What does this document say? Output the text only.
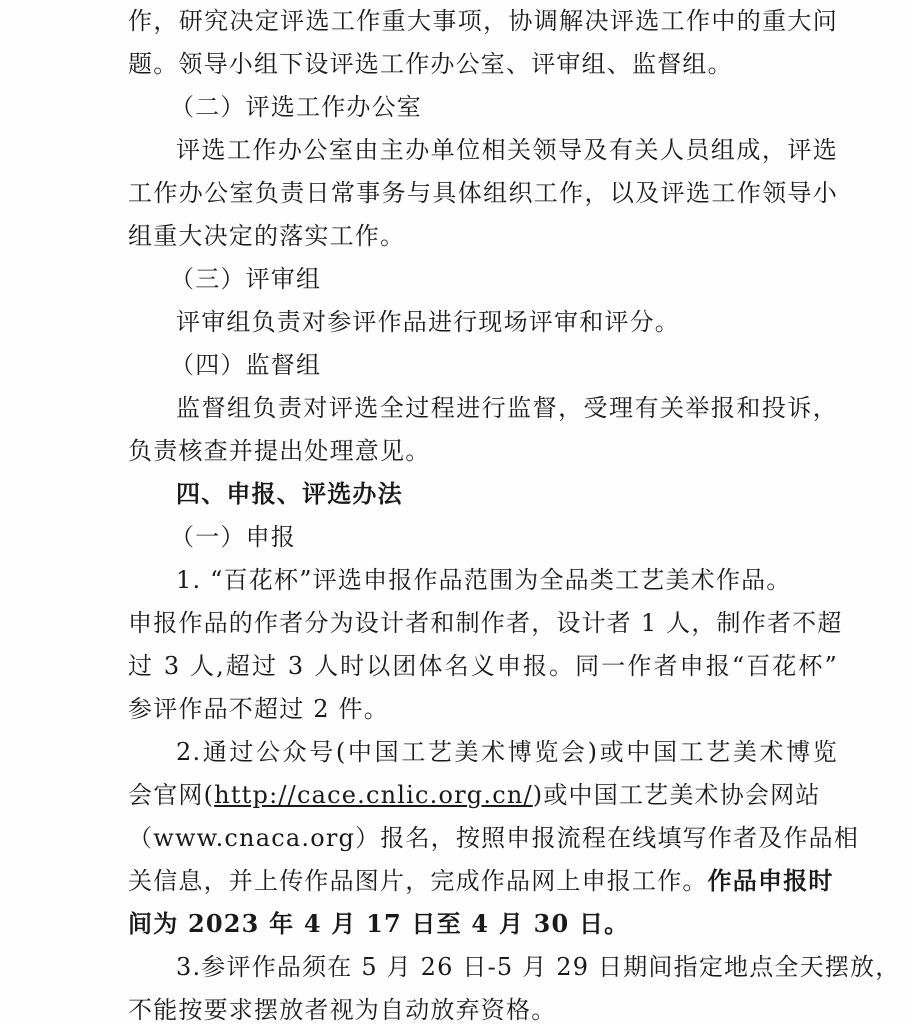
作，研究决定评选工作重大事项，协调解决评选工作中的重大问
题。领导小组下设评选工作办公室、评审组、监督组。
（二）评选工作办公室
评选工作办公室由主办单位相关领导及有关人员组成，评选
工作办公室负责日常事务与具体组织工作，以及评选工作领导小
组重大决定的落实工作。
（三）评审组
评审组负责对参评作品进行现场评审和评分。
（四）监督组
监督组负责对评选全过程进行监督，受理有关举报和投诉，
负责核查并提出处理意见。
四、申报、评选办法
（一）申报
1. “百花杯”评选申报作品范围为全品类工艺美术作品。
申报作品的作者分为设计者和制作者，设计者 1 人，制作者不超
过 3 人,超过 3 人时以团体名义申报。同一作者申报“百花杯”
参评作品不超过 2 件。
2.通过公众号(中国工艺美术博览会)或中国工艺美术博览
会官网(http://cace.cnlic.org.cn/)或中国工艺美术协会网站
（www.cnaca.org）报名，按照申报流程在线填写作者及作品相
关信息，并上传作品图片，完成作品网上申报工作。作品申报时
间为 2023 年 4 月 17 日至 4 月 30 日。
3.参评作品须在 5 月 26 日-5 月 29 日期间指定地点全天摆放，
不能按要求摆放者视为自动放弃资格。
